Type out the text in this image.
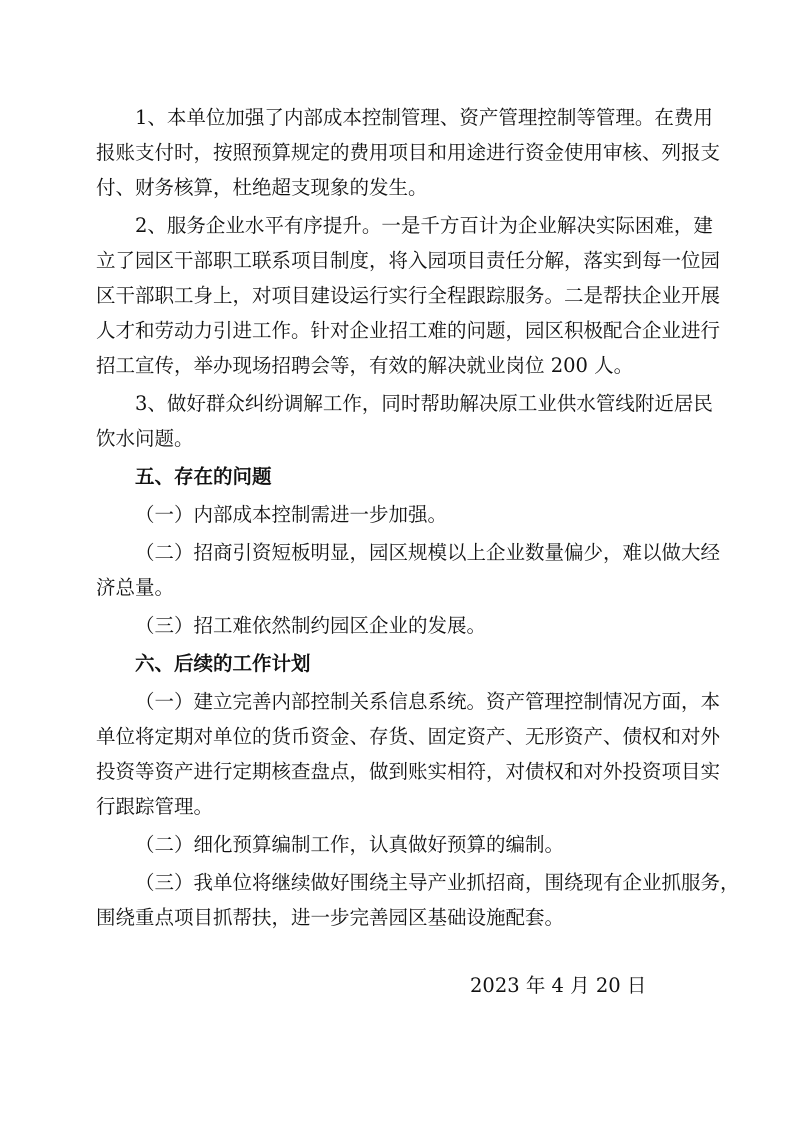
1、本单位加强了内部成本控制管理、资产管理控制等管理。在费用
报账支付时，按照预算规定的费用项目和用途进行资金使用审核、列报支
付、财务核算，杜绝超支现象的发生。
2、服务企业水平有序提升。一是千方百计为企业解决实际困难，建
立了园区干部职工联系项目制度，将入园项目责任分解，落实到每一位园
区干部职工身上，对项目建设运行实行全程跟踪服务。二是帮扶企业开展
人才和劳动力引进工作。针对企业招工难的问题，园区积极配合企业进行
招工宣传，举办现场招聘会等，有效的解决就业岗位 200 人。
3、做好群众纠纷调解工作，同时帮助解决原工业供水管线附近居民
饮水问题。
五、存在的问题
（一）内部成本控制需进一步加强。
（二）招商引资短板明显，园区规模以上企业数量偏少，难以做大经
济总量。
（三）招工难依然制约园区企业的发展。
六、后续的工作计划
（一）建立完善内部控制关系信息系统。资产管理控制情况方面，本
单位将定期对单位的货币资金、存货、固定资产、无形资产、债权和对外
投资等资产进行定期核查盘点，做到账实相符，对债权和对外投资项目实
行跟踪管理。
（二）细化预算编制工作，认真做好预算的编制。
（三）我单位将继续做好围绕主导产业抓招商，围绕现有企业抓服务，
围绕重点项目抓帮扶，进一步完善园区基础设施配套。
2023 年 4 月 20 日
